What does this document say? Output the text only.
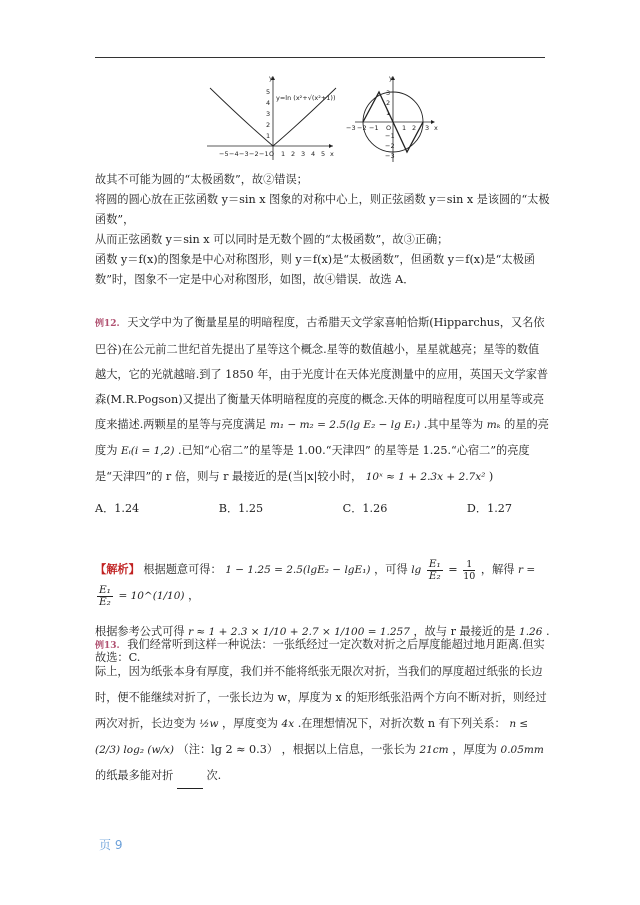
y=ln (x²+√(x²+1))
y
x
−5 −4 −3 −2 −1 O 1 2 3 4 5
5
4
3
2
1
y
x
−3 −2 −1 O 1 2 3
3
2
1
−1
−2
−3

故其不可能为圆的“太极函数”，故②错误；

将圆的圆心放在正弦函数 y＝sin x 图象的对称中心上，则正弦函数 y＝sin x 是该圆的“太极函数”，

从而正弦函数 y＝sin x 可以同时是无数个圆的“太极函数”，故③正确；

函数 y＝f(x)的图象是中心对称图形，则 y＝f(x)是“太极函数”，但函数 y＝f(x)是“太极函数”时，图象不一定是中心对称图形，如图，故④错误．故选 A．

例12. 天文学中为了衡量星星的明暗程度，古希腊天文学家喜帕恰斯(Hipparchus，又名依巴谷)在公元前二世纪首先提出了星等这个概念.星等的数值越小，星星就越亮；星等的数值越大，它的光就越暗.到了 1850 年，由于光度计在天体光度测量中的应用，英国天文学家普森(M.R.Pogson)又提出了衡量天体明暗程度的亮度的概念.天体的明暗程度可以用星等或亮度来描述.两颗星的星等与亮度满足 m₁ − m₂ = 2.5(lg E₂ − lg E₁) .其中星等为 mₖ 的星的亮度为 Eᵢ(i = 1,2) .已知“心宿二”的星等是 1.00.“天津四” 的星等是 1.25.“心宿二”的亮度是“天津四”的 r 倍，则与 r 最接近的是(当|x|较小时， 10ˣ ≈ 1 + 2.3x + 2.7x² )

A．1.24	B．1.25	C．1.26	D．1.27

【解析】 根据题意可得： 1 − 1.25 = 2.5(lgE₂ − lgE₁) ，可得 $\lg \frac{\text{E₁}}{\text{E₂}} = \frac{1}{10}$ ，解得 r =
$\frac{\text{E₁}}{\text{E₂}}$ = 10^(1/10) ，

根据参考公式可得 r ≈ 1 + 2.3 × 1/10 + 2.7 × 1/100 = 1.257 ，故与 r 最接近的是 1.26 .故选：C.

例13. 我们经常听到这样一种说法：一张纸经过一定次数对折之后厚度能超过地月距离.但实际上，因为纸张本身有厚度，我们并不能将纸张无限次对折，当我们的厚度超过纸张的长边时，便不能继续对折了，一张长边为 w，厚度为 x 的矩形纸张沿两个方向不断对折，则经过两次对折，长边变为 ½w ，厚度变为 4x .在理想情况下，对折次数 n 有下列关系： n ≤ (2/3) log₂ (w/x) （注：lg 2 ≈ 0.3） ，根据以上信息，一张长为 21cm ，厚度为 0.05mm 的纸最多能对折	次.

页 9
